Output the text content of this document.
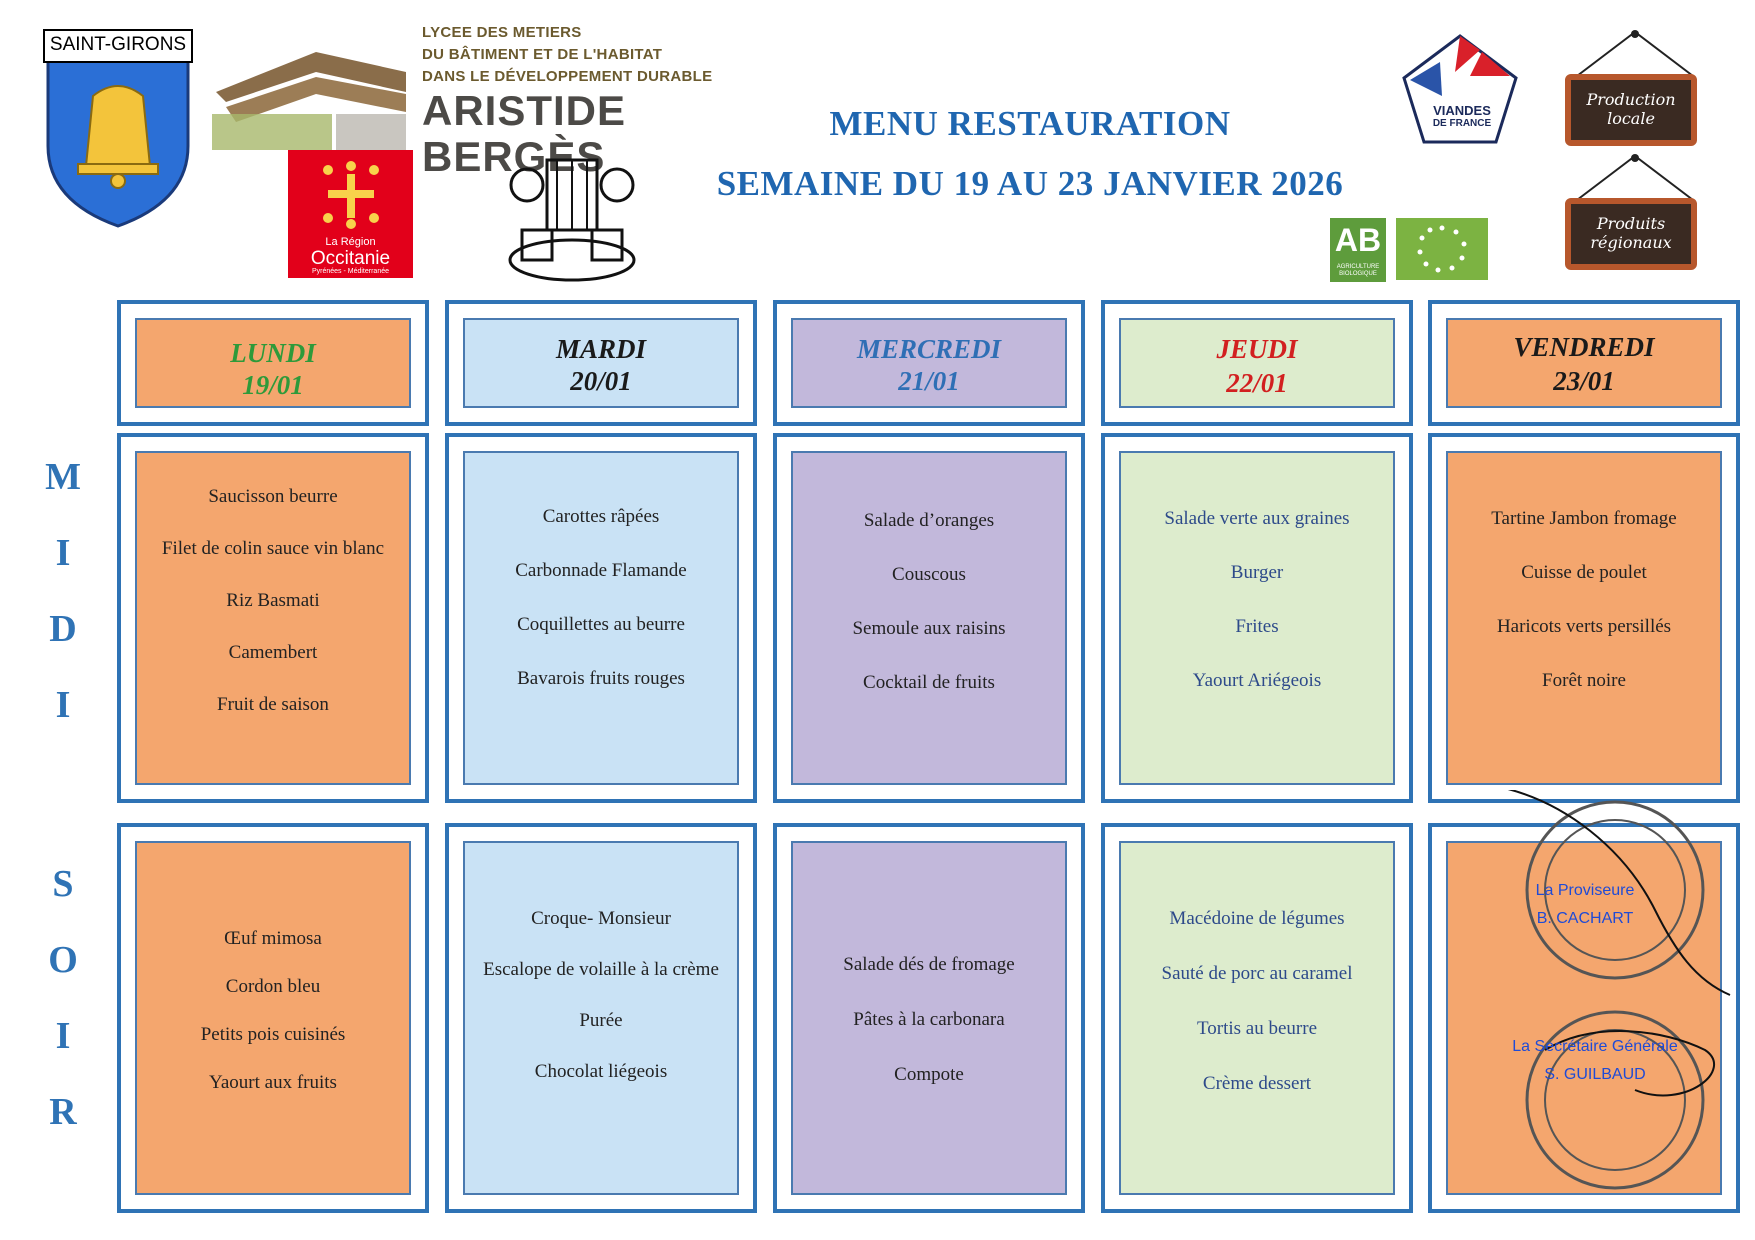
SAINT-GIRONS
LYCEE DES METIERS
DU BÂTIMENT ET DE L'HABITAT
DANS LE DÉVELOPPEMENT DURABLE
ARISTIDE BERGÈS
La Région
Occitanie
Pyrénées - Méditerranée
MENU RESTAURATION
SEMAINE DU 19 AU 23 JANVIER 2026
VIANDES
DE FRANCE
AB
AGRICULTURE
BIOLOGIQUE
Production
locale
Produits
régionaux
M
I
D
I
S
O
I
R
LUNDI
19/01
Saucisson beurre
Filet de colin sauce vin blanc
Riz Basmati
Camembert
Fruit de saison
Œuf mimosa
Cordon bleu
Petits pois cuisinés
Yaourt aux fruits
MARDI
20/01
Carottes râpées
Carbonnade Flamande
Coquillettes au beurre
Bavarois fruits rouges
Croque- Monsieur
Escalope de volaille à la crème
Purée
Chocolat liégeois
MERCREDI
21/01
Salade d’oranges
Couscous
Semoule aux raisins
Cocktail de fruits
Salade dés de fromage
Pâtes à la carbonara
Compote
JEUDI
22/01
Salade verte aux graines
Burger
Frites
Yaourt Ariégeois
Macédoine de légumes
Sauté de porc au caramel
Tortis au beurre
Crème dessert
VENDREDI
23/01
Tartine Jambon fromage
Cuisse de poulet
Haricots verts persillés
Forêt noire
La Proviseure
B. CACHART
La Secrétaire Générale
S. GUILBAUD
